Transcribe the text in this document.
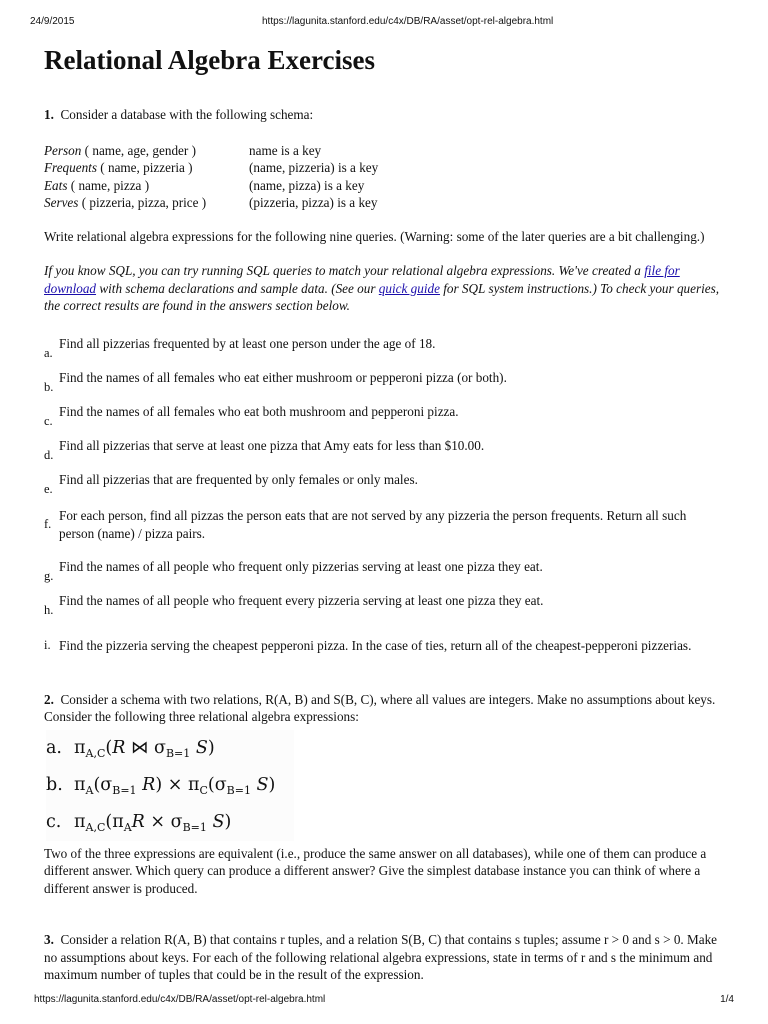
24/9/2015	https://lagunita.stanford.edu/c4x/DB/RA/asset/opt-rel-algebra.html
Relational Algebra Exercises

1. Consider a database with the following schema:

Person ( name, age, gender )	name is a key
Frequents ( name, pizzeria )	(name, pizzeria) is a key
Eats ( name, pizza )	(name, pizza) is a key
Serves ( pizzeria, pizza, price )	(pizzeria, pizza) is a key

Write relational algebra expressions for the following nine queries. (Warning: some of the later queries are a bit challenging.)

If you know SQL, you can try running SQL queries to match your relational algebra expressions. We've created a file for download with schema declarations and sample data. (See our quick guide for SQL system instructions.) To check your queries, the correct results are found in the answers section below.

a.
Find all pizzerias frequented by at least one person under the age of 18.
b.
Find the names of all females who eat either mushroom or pepperoni pizza (or both).
c.
Find the names of all females who eat both mushroom and pepperoni pizza.
d.
Find all pizzerias that serve at least one pizza that Amy eats for less than $10.00.
e.
Find all pizzerias that are frequented by only females or only males.
f.
For each person, find all pizzas the person eats that are not served by any pizzeria the person frequents. Return all such person (name) / pizza pairs.
g.
Find the names of all people who frequent only pizzerias serving at least one pizza they eat.
h.
Find the names of all people who frequent every pizzeria serving at least one pizza they eat.
i. Find the pizzeria serving the cheapest pepperoni pizza. In the case of ties, return all of the cheapest-pepperoni pizzerias.

2. Consider a schema with two relations, R(A, B) and S(B, C), where all values are integers. Make no assumptions about keys. Consider the following three relational algebra expressions:

a. $\pi_{A,C}(R$ ⋈ $\sigma_{B=1}$ S)
b. $\pi_A(\sigma_{B=1}$ $R) \times \pi_C(\sigma_{B=1}$ S)
c. $\pi_{A,C}(\pi_AR \times \sigma_{B=1}$ S)

Two of the three expressions are equivalent (i.e., produce the same answer on all databases), while one of them can produce a different answer. Which query can produce a different answer? Give the simplest database instance you can think of where a different answer is produced.

3. Consider a relation R(A, B) that contains r tuples, and a relation S(B, C) that contains s tuples; assume r > 0 and s > 0. Make no assumptions about keys. For each of the following relational algebra expressions, state in terms of r and s the minimum and maximum number of tuples that could be in the result of the expression.

https://lagunita.stanford.edu/c4x/DB/RA/asset/opt-rel-algebra.html	1/4
